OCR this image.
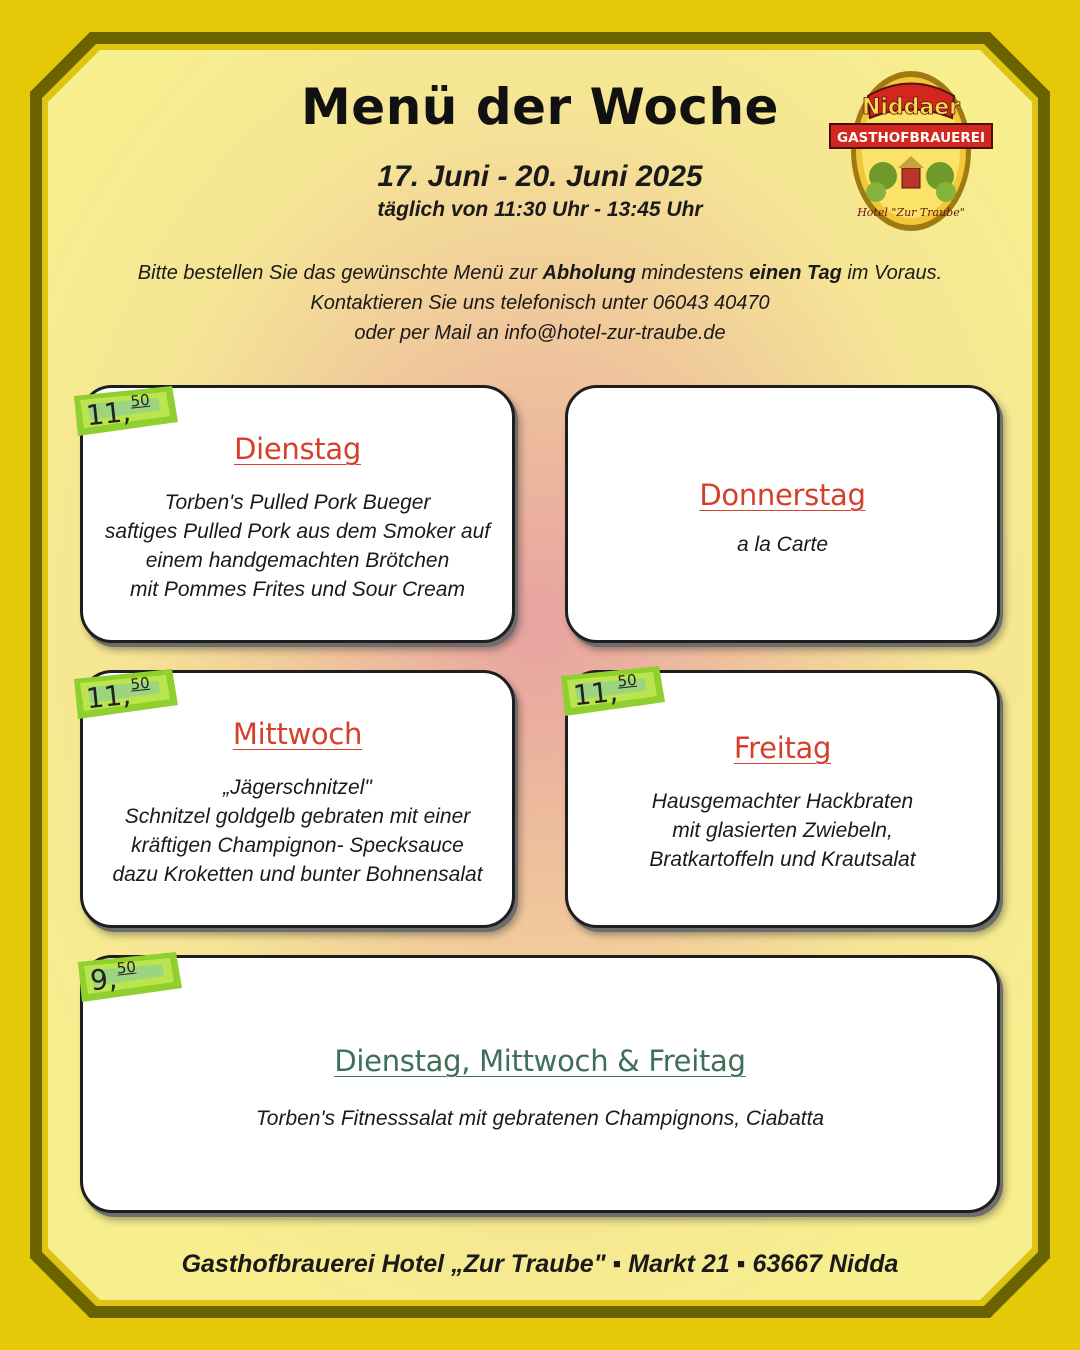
Menü der Woche
17. Juni - 20. Juni 2025
täglich von 11:30 Uhr - 13:45 Uhr
Niddaer
GASTHOFBRAUEREI
Hotel "Zur Traube"
Bitte bestellen Sie das gewünschte Menü zur Abholung mindestens einen Tag im Voraus.
Kontaktieren Sie uns telefonisch unter 06043 40470
oder per Mail an info@hotel-zur-traube.de
Dienstag
Torben's Pulled Pork Bueger
saftiges Pulled Pork aus dem Smoker auf
einem handgemachten Brötchen
mit Pommes Frites und Sour Cream
Donnerstag
a la Carte
Mittwoch
„Jägerschnitzel"
Schnitzel goldgelb gebraten mit einer
kräftigen Champignon- Specksauce
dazu Kroketten und bunter Bohnensalat
Freitag
Hausgemachter Hackbraten
mit glasierten Zwiebeln,
Bratkartoffeln und Krautsalat
Dienstag, Mittwoch & Freitag
Torben's Fitnesssalat mit gebratenen Champignons, Ciabatta
11,50
11,50	11,50
9,50
Gasthofbrauerei Hotel „Zur Traube" ▪ Markt 21 ▪ 63667 Nidda
